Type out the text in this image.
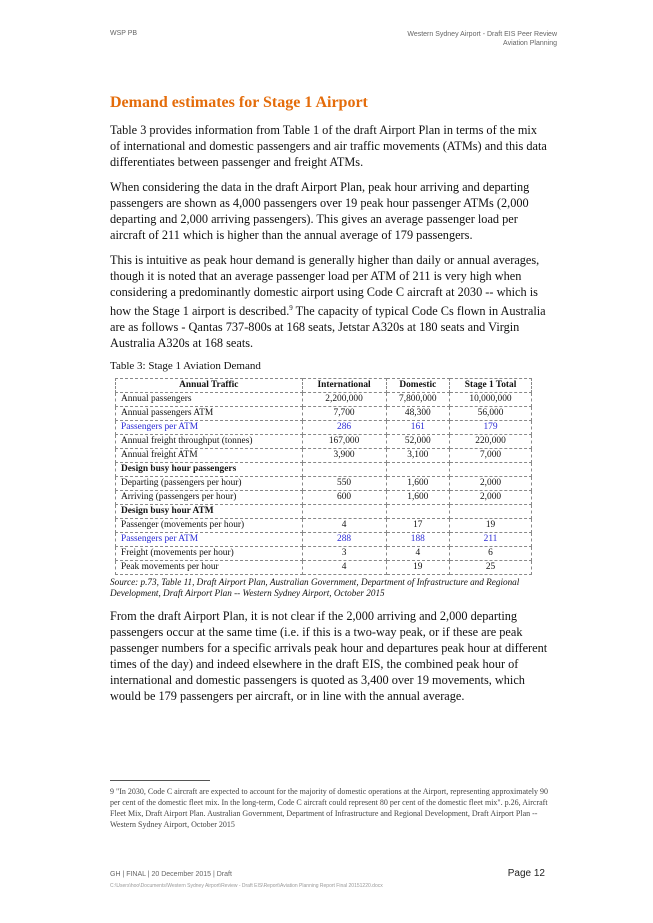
WSP PB	Western Sydney Airport - Draft EIS Peer Review
Aviation Planning
Demand estimates for Stage 1 Airport

Table 3 provides information from Table 1 of the draft Airport Plan in terms of the mix of international and domestic passengers and air traffic movements (ATMs) and this data differentiates between passenger and freight ATMs.

When considering the data in the draft Airport Plan, peak hour arriving and departing passengers are shown as 4,000 passengers over 19 peak hour passenger ATMs (2,000 departing and 2,000 arriving passengers). This gives an average passenger load per aircraft of 211 which is higher than the annual average of 179 passengers.

This is intuitive as peak hour demand is generally higher than daily or annual averages, though it is noted that an average passenger load per ATM of 211 is very high when considering a predominantly domestic airport using Code C aircraft at 2030 -- which is how the Stage 1 airport is described.$^9$ The capacity of typical Code Cs flown in Australia are as follows - Qantas 737-800s at 168 seats, Jetstar A320s at 180 seats and Virgin Australia A320s at 168 seats.

Table 3: Stage 1 Aviation Demand
Annual Traffic	International	Domestic	Stage 1 Total
Annual passengers	2,200,000	7,800,000	10,000,000
Annual passengers ATM	7,700	48,300	56,000
Passengers per ATM	286	161	179
Annual freight throughput (tonnes)	167,000	52,000	220,000
Annual freight ATM	3,900	3,100	7,000
Design busy hour passengers			
Departing (passengers per hour)	550	1,600	2,000
Arriving (passengers per hour)	600	1,600	2,000
Design busy hour ATM			
Passenger (movements per hour)	4	17	19
Passengers per ATM	288	188	211
Freight (movements per hour)	3	4	6
Peak movements per hour	4	19	25
Source: p.73, Table 11, Draft Airport Plan, Australian Government, Department of Infrastructure and Regional Development, Draft Airport Plan -- Western Sydney Airport, October 2015

From the draft Airport Plan, it is not clear if the 2,000 arriving and 2,000 departing passengers occur at the same time (i.e. if this is a two-way peak, or if these are peak passenger numbers for a specific arrivals peak hour and departures peak hour at different times of the day) and indeed elsewhere in the draft EIS, the combined peak hour of international and domestic passengers is quoted as 3,400 over 19 movements, which would be 179 passengers per aircraft, or in line with the annual average.

9 "In 2030, Code C aircraft are expected to account for the majority of domestic operations at the Airport, representing approximately 90 per cent of the domestic fleet mix. In the long-term, Code C aircraft could represent 80 per cent of the domestic fleet mix". p.26, Aircraft Fleet Mix, Draft Airport Plan. Australian Government, Department of Infrastructure and Regional Development, Draft Airport Plan -- Western Sydney Airport, October 2015
GH | FINAL | 20 December 2015 | Draft	Page 12
C:\Users\hoo\Documents\Western Sydney Airport\Review - Draft EIS\Report\Aviation Planning Report Final 20151220.docx
